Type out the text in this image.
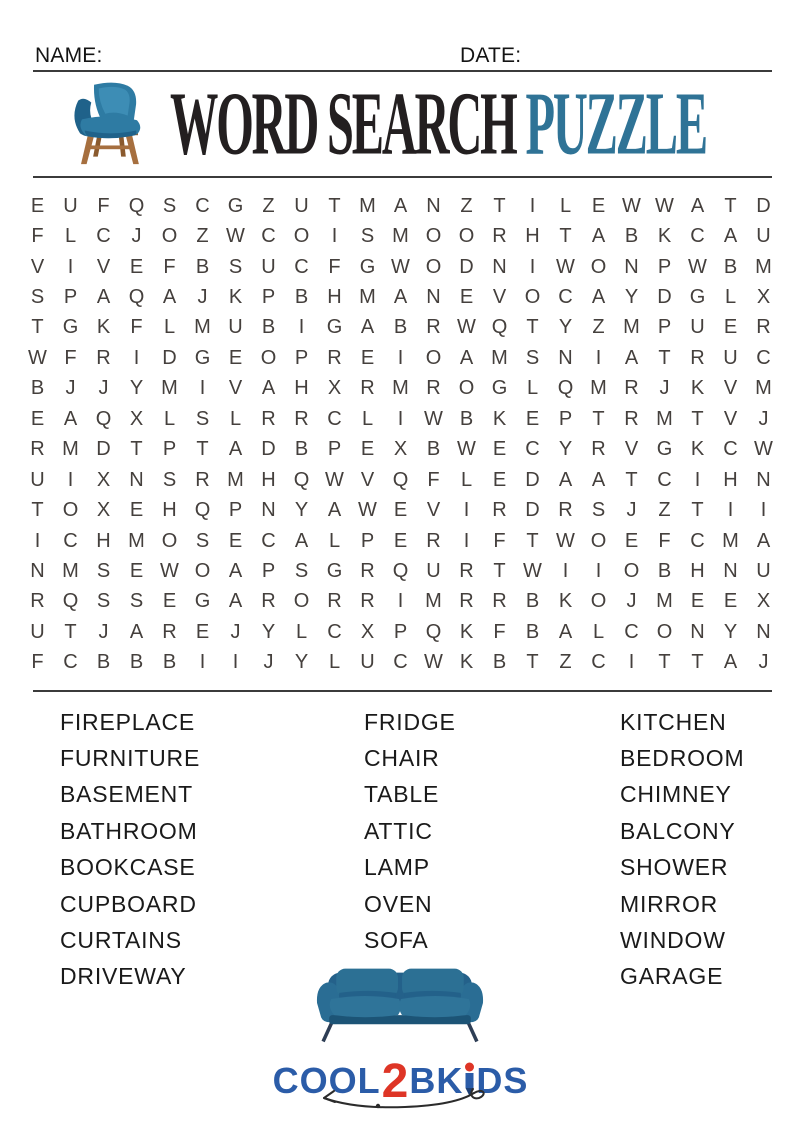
NAME:	DATE:
WORD SEARCH PUZZLE
E U F Q S C G Z U T M A N Z T I L E W W A T D
F L C J O Z W C O I S M O O R H T A B K C A U
V I V E F B S U C F G W O D N I W O N P W B M
S P A Q A J K P B H M A N E V O C A Y D G L X
T G K F L M U B I G A B R W Q T Y Z M P U E R
W F R I D G E O P R E I O A M S N I A T R U C
B J J Y M I V A H X R M R O G L Q M R J K V M
E A Q X L S L R R C L I W B K E P T R M T V J
R M D T P T A D B P E X B W E C Y R V G K C W
U I X N S R M H Q W V Q F L E D A A T C I H N
T O X E H Q P N Y A W E V I R D R S J Z T I I
I C H M O S E C A L P E R I F T W O E F C M A
N M S E W O A P S G R Q U R T W I I O B H N U
R Q S S E G A R O R R I M R R B K O J M E E X
U T J A R E J Y L C X P Q K F B A L C O N Y N
F C B B B I I J Y L U C W K B T Z C I T T A J
FIREPLACE
FURNITURE
BASEMENT
BATHROOM
BOOKCASE
CUPBOARD
CURTAINS
DRIVEWAY
FRIDGE
CHAIR
TABLE
ATTIC
LAMP
OVEN
SOFA
KITCHEN
BEDROOM
CHIMNEY
BALCONY
SHOWER
MIRROR
WINDOW
GARAGE
COOL2BK DS
